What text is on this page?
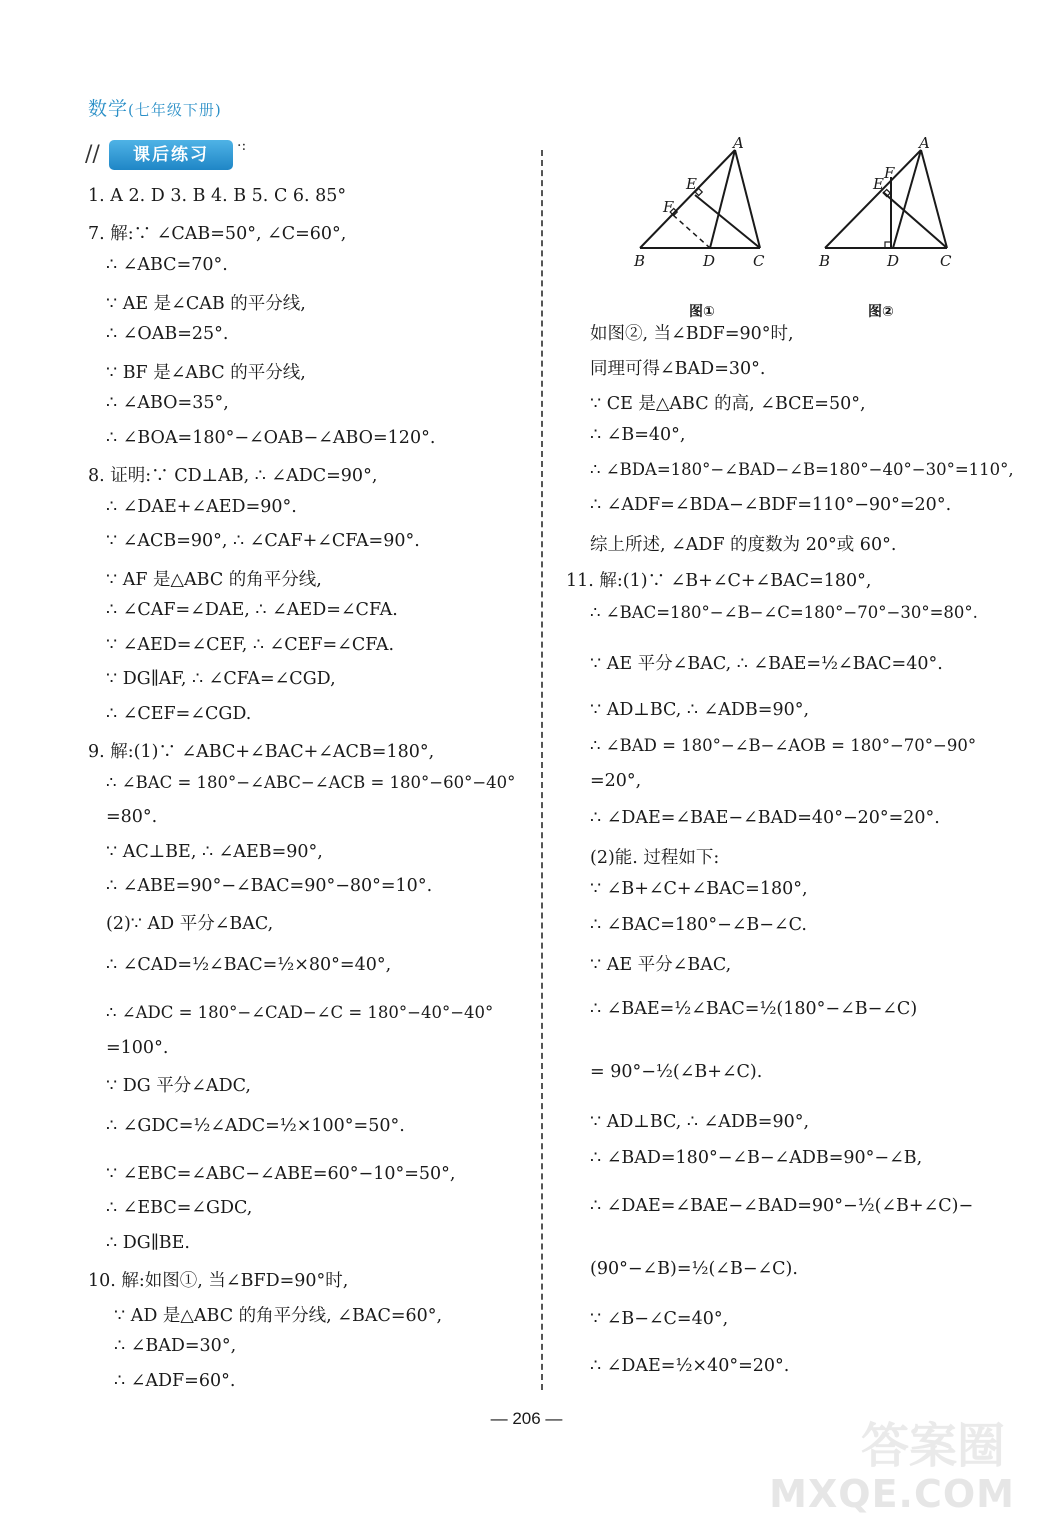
数学(七年级下册)
//	课后练习	·:
1. A 2. D 3. B 4. B 5. C 6. 85°
7. 解:∵ ∠CAB=50°, ∠C=60°,
∴ ∠ABC=70°.
∵ AE 是∠CAB 的平分线,
∴ ∠OAB=25°.
∵ BF 是∠ABC 的平分线,
∴ ∠ABO=35°,
∴ ∠BOA=180°−∠OAB−∠ABO=120°.
8. 证明:∵ CD⊥AB, ∴ ∠ADC=90°,
∴ ∠DAE+∠AED=90°.
∵ ∠ACB=90°, ∴ ∠CAF+∠CFA=90°.
∵ AF 是△ABC 的角平分线,
∴ ∠CAF=∠DAE, ∴ ∠AED=∠CFA.
∵ ∠AED=∠CEF, ∴ ∠CEF=∠CFA.
∵ DG∥AF, ∴ ∠CFA=∠CGD,
∴ ∠CEF=∠CGD.
9. 解:(1)∵ ∠ABC+∠BAC+∠ACB=180°,
∴ ∠BAC = 180°−∠ABC−∠ACB = 180°−60°−40°
=80°.
∵ AC⊥BE, ∴ ∠AEB=90°,
∴ ∠ABE=90°−∠BAC=90°−80°=10°.
(2)∵ AD 平分∠BAC,
∴ ∠CAD=½∠BAC=½×80°=40°,
∴ ∠ADC = 180°−∠CAD−∠C = 180°−40°−40°
=100°.
∵ DG 平分∠ADC,
∴ ∠GDC=½∠ADC=½×100°=50°.
∵ ∠EBC=∠ABC−∠ABE=60°−10°=50°,
∴ ∠EBC=∠GDC,
∴ DG∥BE.
10. 解:如图①, 当∠BFD=90°时,
∵ AD 是△ABC 的角平分线, ∠BAC=60°,
∴ ∠BAD=30°,
∴ ∠ADF=60°.
A
B	C
D
E
F
图①
A
B	C
D
E
F
图②
如图②, 当∠BDF=90°时,
同理可得∠BAD=30°.
∵ CE 是△ABC 的高, ∠BCE=50°,
∴ ∠B=40°,
∴ ∠BDA=180°−∠BAD−∠B=180°−40°−30°=110°,
∴ ∠ADF=∠BDA−∠BDF=110°−90°=20°.
综上所述, ∠ADF 的度数为 20°或 60°.
11. 解:(1)∵ ∠B+∠C+∠BAC=180°,
∴ ∠BAC=180°−∠B−∠C=180°−70°−30°=80°.
∵ AE 平分∠BAC, ∴ ∠BAE=½∠BAC=40°.
∵ AD⊥BC, ∴ ∠ADB=90°,
∴ ∠BAD = 180°−∠B−∠AOB = 180°−70°−90°
=20°,
∴ ∠DAE=∠BAE−∠BAD=40°−20°=20°.
(2)能. 过程如下:
∵ ∠B+∠C+∠BAC=180°,
∴ ∠BAC=180°−∠B−∠C.
∵ AE 平分∠BAC,
∴ ∠BAE=½∠BAC=½(180°−∠B−∠C)
= 90°−½(∠B+∠C).
∵ AD⊥BC, ∴ ∠ADB=90°,
∴ ∠BAD=180°−∠B−∠ADB=90°−∠B,
∴ ∠DAE=∠BAE−∠BAD=90°−½(∠B+∠C)−
(90°−∠B)=½(∠B−∠C).
∵ ∠B−∠C=40°,
∴ ∠DAE=½×40°=20°.
— 206 —	答案圈
MXQE.COM
